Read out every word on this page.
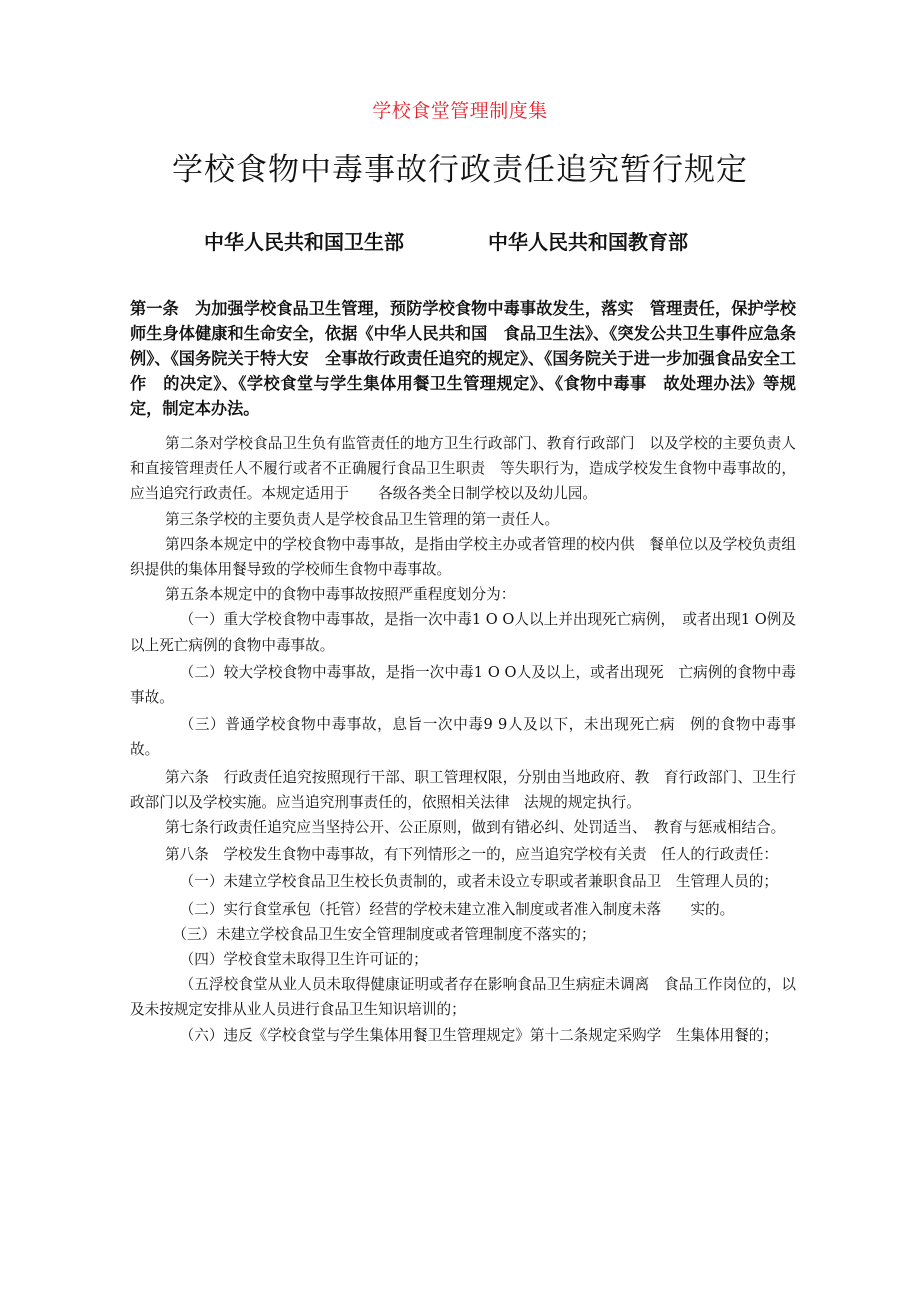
学校食堂管理制度集
学校食物中毒事故行政责任追究暂行规定
中华人民共和国卫生部	中华人民共和国教育部

第一条　为加强学校食品卫生管理，预防学校食物中毒事故发生，落实　管理责任，保护学校师生身体健康和生命安全，依据《中华人民共和国　食品卫生法》、《突发公共卫生事件应急条例》、《国务院关于特大安　全事故行政责任追究的规定》、《国务院关于进一步加强食品安全工作　的决定》、《学校食堂与学生集体用餐卫生管理规定》、《食物中毒事　故处理办法》等规定，制定本办法。

第二条对学校食品卫生负有监管责任的地方卫生行政部门、教育行政部门　以及学校的主要负责人和直接管理责任人不履行或者不正确履行食品卫生职责　等失职行为，造成学校发生食物中毒事故的，应当追究行政责任。本规定适用于　　各级各类全日制学校以及幼儿园。

第三条学校的主要负责人是学校食品卫生管理的第一责任人。

第四条本规定中的学校食物中毒事故，是指由学校主办或者管理的校内供　餐单位以及学校负责组织提供的集体用餐导致的学校师生食物中毒事故。

第五条本规定中的食物中毒事故按照严重程度划分为：

（一）重大学校食物中毒事故，是指一次中毒1 O O人以上并出现死亡病例，　或者出现1 O例及以上死亡病例的食物中毒事故。

（二）较大学校食物中毒事故，是指一次中毒1 O O人及以上，或者出现死　亡病例的食物中毒事故。

（三）普通学校食物中毒事故，息旨一次中毒9 9人及以下，未出现死亡病　例的食物中毒事故。

第六条　行政责任追究按照现行干部、职工管理权限，分别由当地政府、教　育行政部门、卫生行政部门以及学校实施。应当追究刑事责任的，依照相关法律　法规的规定执行。

第七条行政责任追究应当坚持公开、公正原则，做到有错必纠、处罚适当、　教育与惩戒相结合。

第八条　学校发生食物中毒事故，有下列情形之一的，应当追究学校有关责　任人的行政责任：

（一）未建立学校食品卫生校长负责制的，或者未设立专职或者兼职食品卫　生管理人员的；

（二）实行食堂承包（托管）经营的学校未建立准入制度或者准入制度未落　　实的。

（三）未建立学校食品卫生安全管理制度或者管理制度不落实的；

（四）学校食堂未取得卫生许可证的；

（五浮校食堂从业人员未取得健康证明或者存在影响食品卫生病症未调离　食品工作岗位的，以及未按规定安排从业人员进行食品卫生知识培训的；

（六）违反《学校食堂与学生集体用餐卫生管理规定》第十二条规定采购学　生集体用餐的；
